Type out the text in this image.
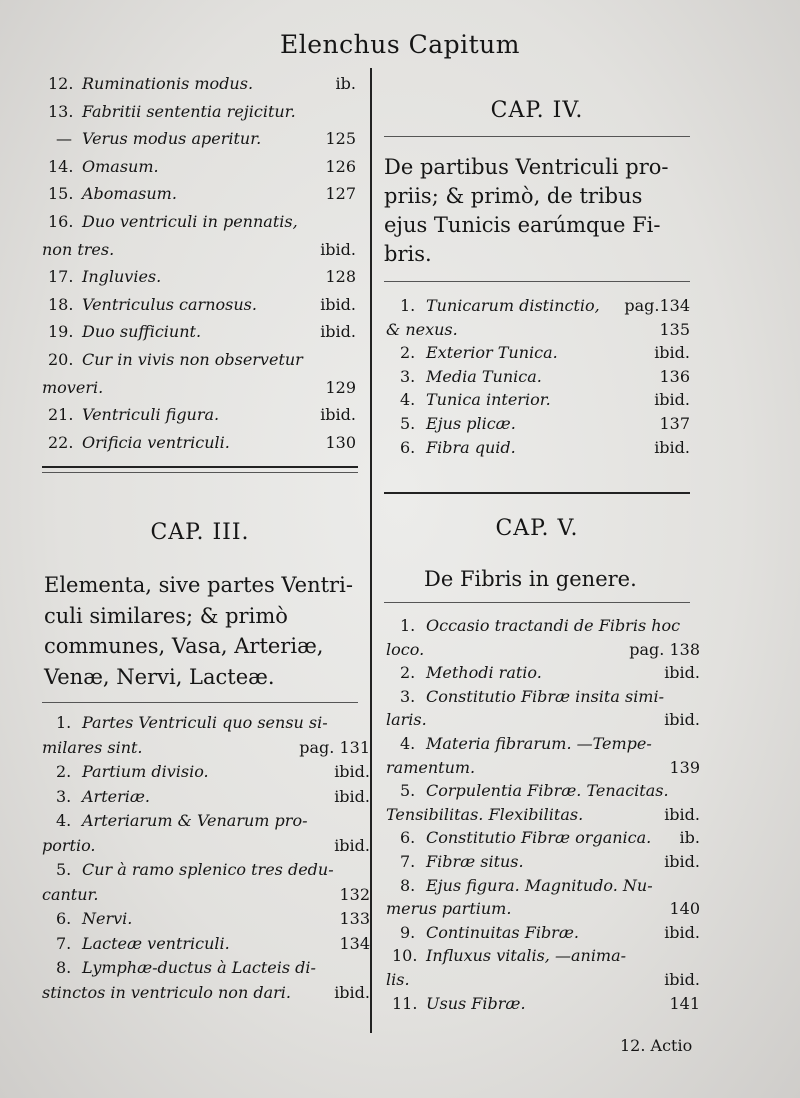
Elenchus Capitum
12. Ruminationis modus.	ib.
13. Fabritii sententia rejicitur.
— Verus modus aperitur.	125
14. Omasum.	126
15. Abomasum.	127
16. Duo ventriculi in pennatis,
non tres.	ibid.
17. Ingluvies.	128
18. Ventriculus carnosus.	ibid.
19. Duo sufficiunt.	ibid.
20. Cur in vivis non observetur
moveri.	129
21. Ventriculi figura.	ibid.
22. Orificia ventriculi.	130
CAP. IV.
De partibus Ventriculi pro-
priis; & primò, de tribus
ejus Tunicis earúmque Fi-
bris.
1. Tunicarum distinctio,	pag.134
& nexus.	135
2. Exterior Tunica.	ibid.
3. Media Tunica.	136
4. Tunica interior.	ibid.
5. Ejus plicæ.	137
6. Fibra quid.	ibid.
CAP. III.
Elementa, sive partes Ventri-
culi similares; & primò
communes, Vasa, Arteriæ,
Venæ, Nervi, Lacteæ.
1. Partes Ventriculi quo sensu si-
milares sint.	pag. 131
2. Partium divisio.	ibid.
3. Arteriæ.	ibid.
4. Arteriarum & Venarum pro-
portio.	ibid.
5. Cur à ramo splenico tres dedu-
cantur.	132
6. Nervi.	133
7. Lacteæ ventriculi.	134
8. Lymphæ-ductus à Lacteis di-
stinctos in ventriculo non dari.	ibid.
CAP. V.
De Fibris in genere.
1. Occasio tractandi de Fibris hoc
loco.	pag. 138
2. Methodi ratio.	ibid.
3. Constitutio Fibræ insita simi-
laris.	ibid.
4. Materia fibrarum. —Tempe-
ramentum.	139
5. Corpulentia Fibræ. Tenacitas.
Tensibilitas. Flexibilitas.	ibid.
6. Constitutio Fibræ organica.	ib.
7. Fibræ situs.	ibid.
8. Ejus figura. Magnitudo. Nu-
merus partium.	140
9. Continuitas Fibræ.	ibid.
10. Influxus vitalis, —anima-
lis.	ibid.
11. Usus Fibræ.	141
12. Actio
